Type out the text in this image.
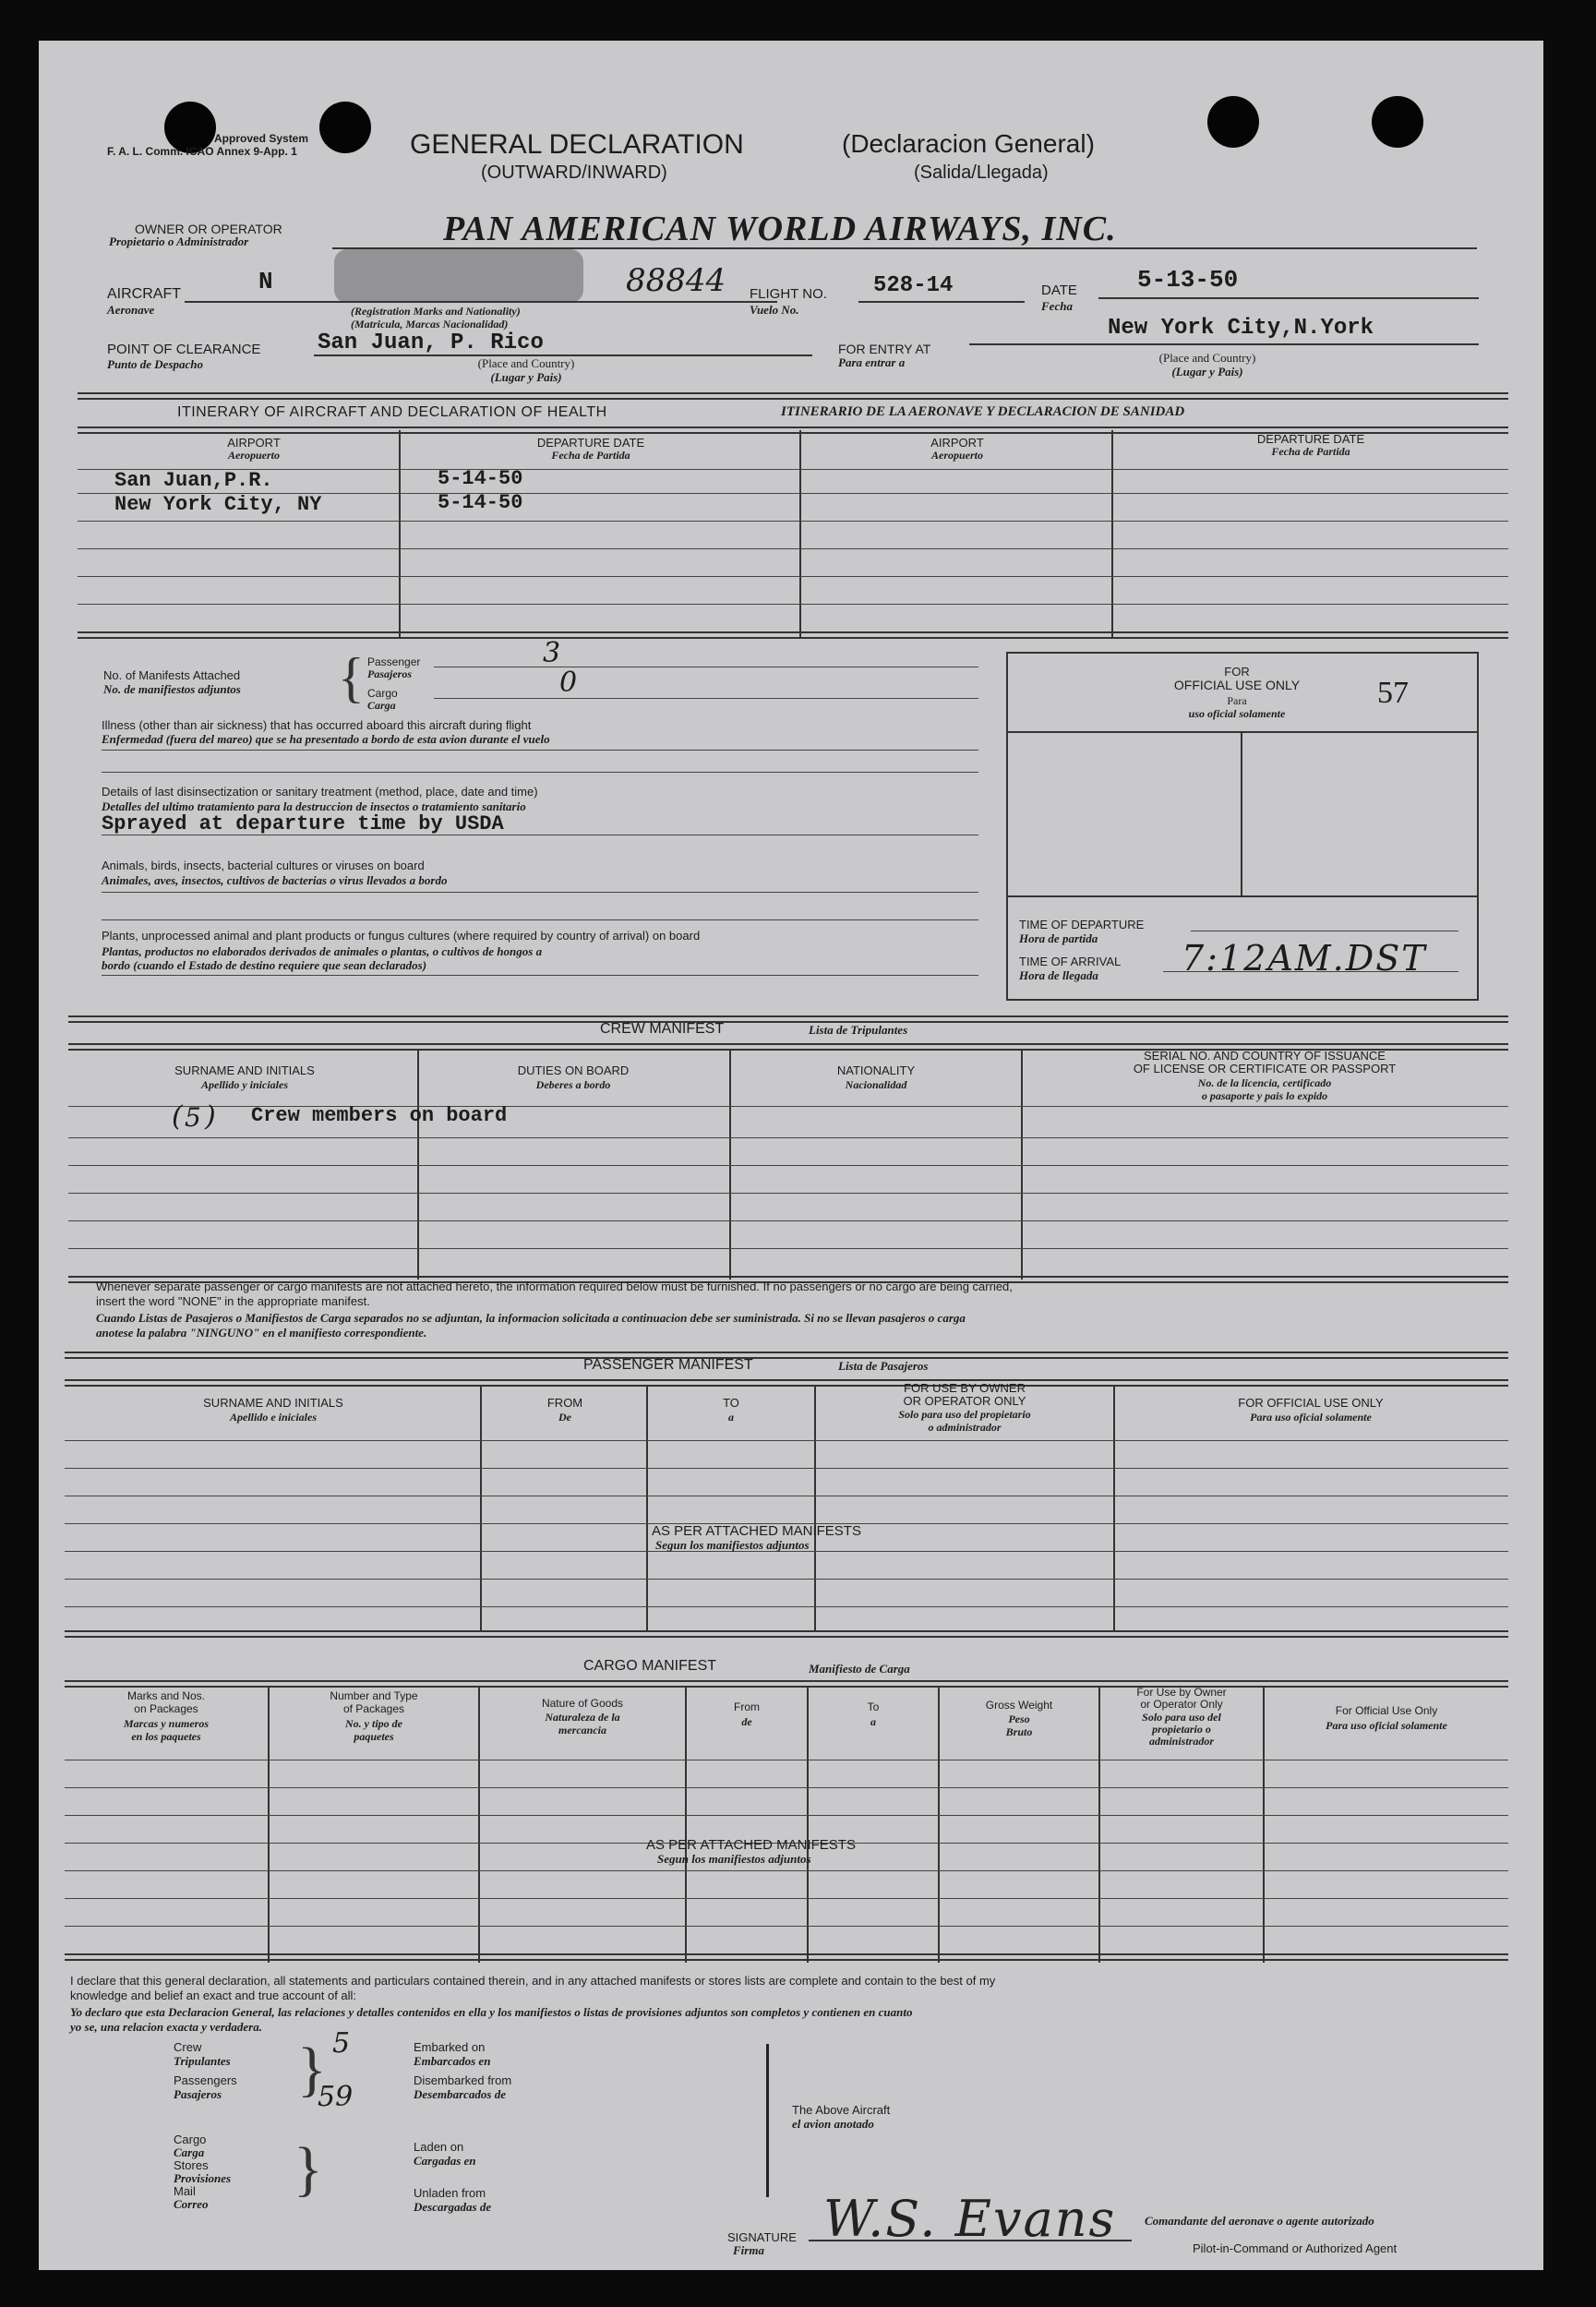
Approved System
F. A. L. Comm. ICAO Annex 9-App. 1	GENERAL DECLARATION
(OUTWARD/INWARD)
(Declaracion General)
(Salida/Llegada)
OWNER OR OPERATOR
Propietario o Administrador	PAN AMERICAN WORLD AIRWAYS, INC.
AIRCRAFT
Aeronave
N	88844
(Registration Marks and Nationality)
(Matricula, Marcas Nacionalidad)
FLIGHT NO.
Vuelo No.
528-14	DATE
Fecha
5-13-50
POINT OF CLEARANCE
Punto de Despacho
San Juan, P. Rico
(Place and Country)
(Lugar y Pais)
FOR ENTRY AT
Para entrar a
New York City,N.York
(Place and Country)
(Lugar y Pais)
ITINERARY OF AIRCRAFT AND DECLARATION OF HEALTH	ITINERARIO DE LA AERONAVE Y DECLARACION DE SANIDAD
AIRPORT
Aeropuerto
DEPARTURE DATE
Fecha de Partida
AIRPORT
Aeropuerto
DEPARTURE DATE
Fecha de Partida
San Juan,P.R.	5-14-50
New York City, NY	5-14-50
No. of Manifests Attached
No. de manifiestos adjuntos { Passenger
Pasajeros
3
Cargo
Carga
0
Illness (other than air sickness) that has occurred aboard this aircraft during flight
Enfermedad (fuera del mareo) que se ha presentado a bordo de esta avion durante el vuelo
Details of last disinsectization or sanitary treatment (method, place, date and time)
Detalles del ultimo tratamiento para la destruccion de insectos o tratamiento sanitario
Sprayed at departure time by USDA
Animals, birds, insects, bacterial cultures or viruses on board
Animales, aves, insectos, cultivos de bacterias o virus llevados a bordo
Plants, unprocessed animal and plant products or fungus cultures (where required by country of arrival) on board
Plantas, productos no elaborados derivados de animales o plantas, o cultivos de hongos a
bordo (cuando el Estado de destino requiere que sean declarados)
FOR
OFFICIAL USE ONLY
Para
uso oficial solamente
57
TIME OF DEPARTURE
Hora de partida
TIME OF ARRIVAL
Hora de llegada 7:12AM.DST
CREW MANIFEST	Lista de Tripulantes
SURNAME AND INITIALS
Apellido y iniciales
DUTIES ON BOARD
Deberes a bordo
NATIONALITY
Nacionalidad
SERIAL NO. AND COUNTRY OF ISSUANCE
OF LICENSE OR CERTIFICATE OR PASSPORT
No. de la licencia, certificado
o pasaporte y pais lo expido
( 5 ) Crew members on board
Whenever separate passenger or cargo manifests are not attached hereto, the information required below must be furnished. If no passengers or no cargo are being carried,
insert the word "NONE" in the appropriate manifest.
Cuando Listas de Pasajeros o Manifiestos de Carga separados no se adjuntan, la informacion solicitada a continuacion debe ser suministrada. Si no se llevan pasajeros o carga
anotese la palabra "NINGUNO" en el manifiesto correspondiente.
PASSENGER MANIFEST	Lista de Pasajeros
SURNAME AND INITIALS
Apellido e iniciales
FROM
De
TO
a
FOR USE BY OWNER
OR OPERATOR ONLY
Solo para uso del propietario
o administrador
FOR OFFICIAL USE ONLY
Para uso oficial solamente
AS PER ATTACHED MANIFESTS
Segun los manifiestos adjuntos
CARGO MANIFEST	Manifiesto de Carga
Marks and Nos.
on Packages
Marcas y numeros
en los paquetes
Number and Type
of Packages
No. y tipo de
paquetes
Nature of Goods
Naturaleza de la
mercancia
From
de
To
a
Gross Weight
Peso
Bruto
For Use by Owner
or Operator Only
Solo para uso del
propietario o
administrador
For Official Use Only
Para uso oficial solamente
AS PER ATTACHED MANIFESTS
Segun los manifiestos adjuntos
I declare that this general declaration, all statements and particulars contained therein, and in any attached manifests or stores lists are complete and contain to the best of my
knowledge and belief an exact and true account of all:
Yo declaro que esta Declaracion General, las relaciones y detalles contenidos en ella y los manifiestos o listas de provisiones adjuntos son completos y contienen en cuanto
yo se, una relacion exacta y verdadera.
Crew
Tripulantes
5
Passengers
Pasajeros	59
}	Embarked on
Embarcados en
Disembarked from
Desembarcados de
Cargo
Carga
Stores
Provisiones
Mail
Correo
}	Laden on
Cargadas en
Unladen from
Descargadas de
The Above Aircraft
el avion anotado
SIGNATURE
Firma
W.S. Evans Comandante del aeronave o agente autorizado
Pilot-in-Command or Authorized Agent
